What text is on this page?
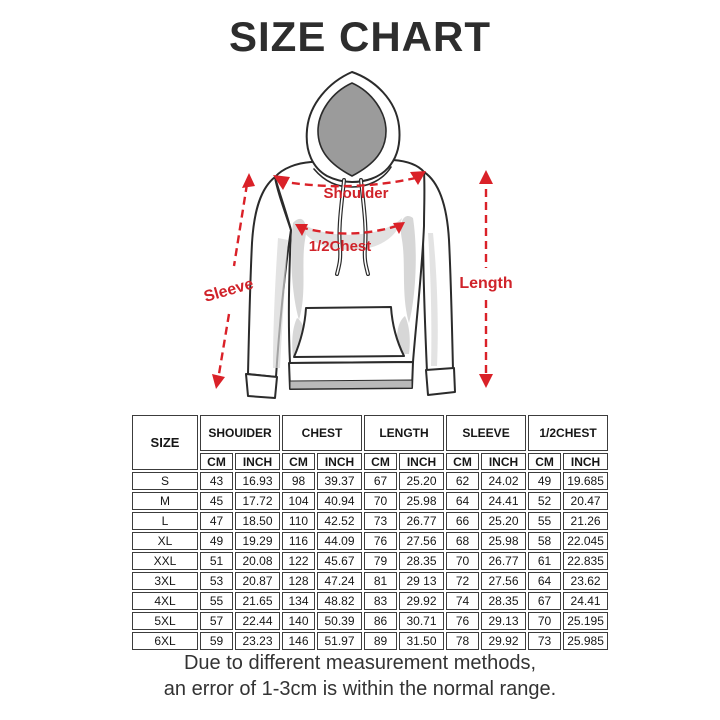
SIZE CHART
Shoulder
1/2Chest
Sleeve	Length
SIZE	SHOUIDER		CHEST		LENGTH		SLEEVE		1/2CHEST	
	CM	INCH	CM	INCH	CM	INCH	CM	INCH	CM	INCH
S	43	16.93	98	39.37	67	25.20	62	24.02	49	19.685
M	45	17.72	104	40.94	70	25.98	64	24.41	52	20.47
L	47	18.50	110	42.52	73	26.77	66	25.20	55	21.26
XL	49	19.29	116	44.09	76	27.56	68	25.98	58	22.045
XXL	51	20.08	122	45.67	79	28.35	70	26.77	61	22.835
3XL	53	20.87	128	47.24	81	29 13	72	27.56	64	23.62
4XL	55	21.65	134	48.82	83	29.92	74	28.35	67	24.41
5XL	57	22.44	140	50.39	86	30.71	76	29.13	70	25.195
6XL	59	23.23	146	51.97	89	31.50	78	29.92	73	25.985
Due to different measurement methods,
an error of 1-3cm is within the normal range.
